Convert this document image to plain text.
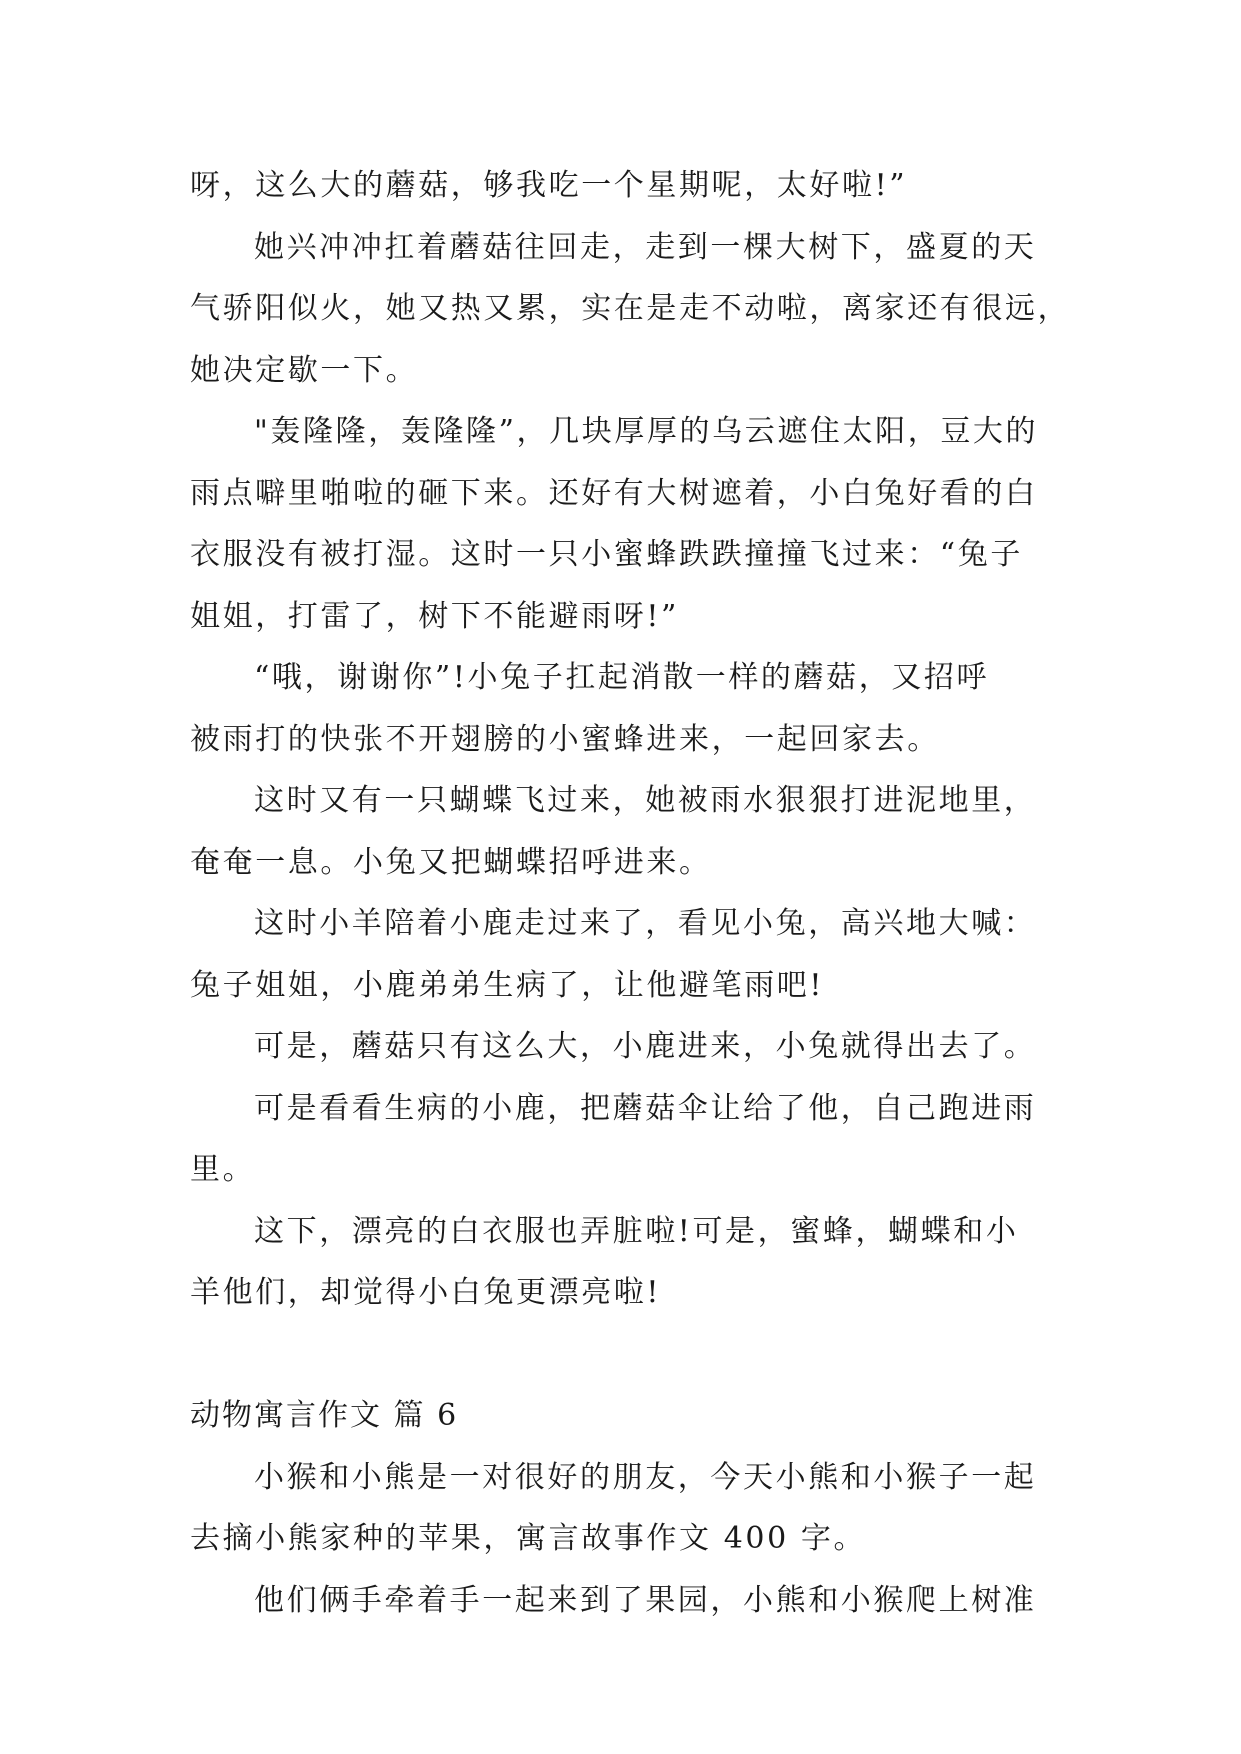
呀，这么大的蘑菇，够我吃一个星期呢，太好啦!”
她兴冲冲扛着蘑菇往回走，走到一棵大树下，盛夏的天
气骄阳似火，她又热又累，实在是走不动啦，离家还有很远，
她决定歇一下。
"轰隆隆，轰隆隆”，几块厚厚的乌云遮住太阳，豆大的
雨点噼里啪啦的砸下来。还好有大树遮着，小白兔好看的白
衣服没有被打湿。这时一只小蜜蜂跌跌撞撞飞过来：“兔子
姐姐，打雷了，树下不能避雨呀!”
“哦，谢谢你”!小兔子扛起消散一样的蘑菇，又招呼
被雨打的快张不开翅膀的小蜜蜂进来，一起回家去。
这时又有一只蝴蝶飞过来，她被雨水狠狠打进泥地里，
奄奄一息。小兔又把蝴蝶招呼进来。
这时小羊陪着小鹿走过来了，看见小兔，高兴地大喊：
兔子姐姐，小鹿弟弟生病了，让他避笔雨吧!
可是，蘑菇只有这么大，小鹿进来，小兔就得出去了。
可是看看生病的小鹿，把蘑菇伞让给了他，自己跑进雨
里。
这下，漂亮的白衣服也弄脏啦!可是，蜜蜂，蝴蝶和小
羊他们，却觉得小白兔更漂亮啦!
动物寓言作文 篇 6
小猴和小熊是一对很好的朋友，今天小熊和小猴子一起
去摘小熊家种的苹果，寓言故事作文 400 字。
他们俩手牵着手一起来到了果园，小熊和小猴爬上树准
